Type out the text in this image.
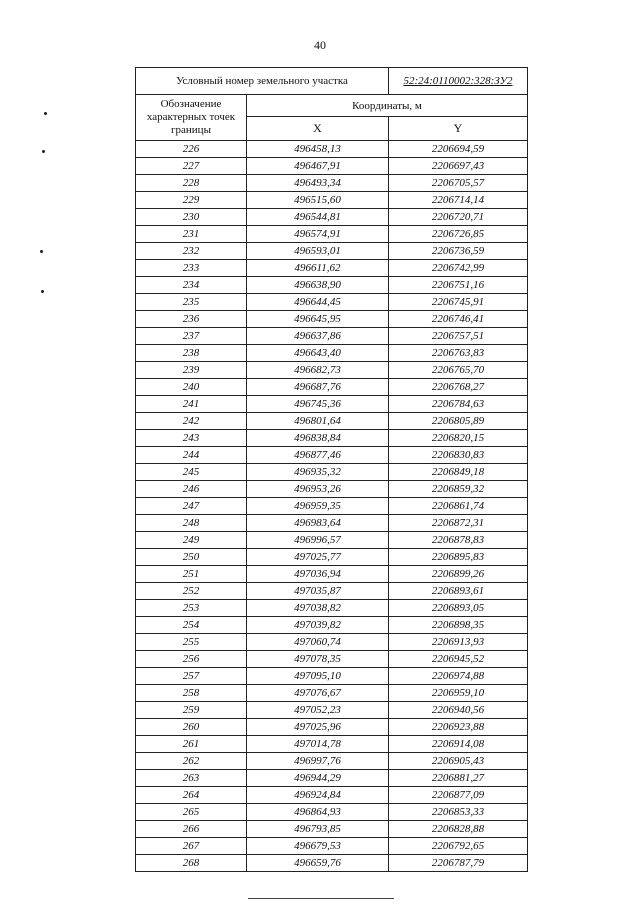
40
Условный номер земельного участка		52:24:0110002:328:ЗУ2
Обозначение характерных точек границы	Координаты, м	
	X	Y
226	496458,13	2206694,59
227	496467,91	2206697,43
228	496493,34	2206705,57
229	496515,60	2206714,14
230	496544,81	2206720,71
231	496574,91	2206726,85
232	496593,01	2206736,59
233	496611,62	2206742,99
234	496638,90	2206751,16
235	496644,45	2206745,91
236	496645,95	2206746,41
237	496637,86	2206757,51
238	496643,40	2206763,83
239	496682,73	2206765,70
240	496687,76	2206768,27
241	496745,36	2206784,63
242	496801,64	2206805,89
243	496838,84	2206820,15
244	496877,46	2206830,83
245	496935,32	2206849,18
246	496953,26	2206859,32
247	496959,35	2206861,74
248	496983,64	2206872,31
249	496996,57	2206878,83
250	497025,77	2206895,83
251	497036,94	2206899,26
252	497035,87	2206893,61
253	497038,82	2206893,05
254	497039,82	2206898,35
255	497060,74	2206913,93
256	497078,35	2206945,52
257	497095,10	2206974,88
258	497076,67	2206959,10
259	497052,23	2206940,56
260	497025,96	2206923,88
261	497014,78	2206914,08
262	496997,76	2206905,43
263	496944,29	2206881,27
264	496924,84	2206877,09
265	496864,93	2206853,33
266	496793,85	2206828,88
267	496679,53	2206792,65
268	496659,76	2206787,79
